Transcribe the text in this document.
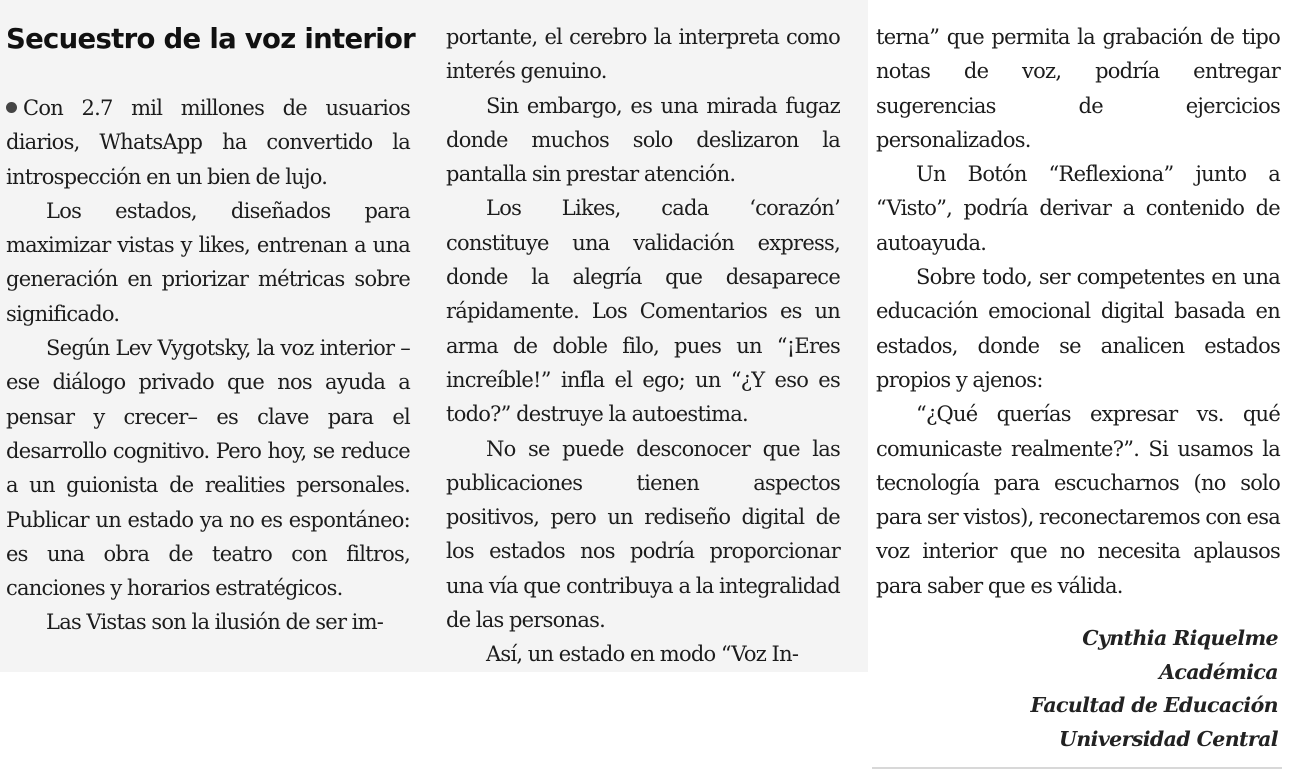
Secuestro de la voz interior

Con 2.7 mil millones de usuarios diarios, WhatsApp ha convertido la introspección en un bien de lujo.

Los estados, diseñados para maximizar vistas y likes, entrenan a una generación en priorizar métricas sobre significado.

Según Lev Vygotsky, la voz interior –ese diálogo privado que nos ayuda a pensar y crecer– es clave para el desarrollo cognitivo. Pero hoy, se reduce a un guionista de realities personales. Publicar un estado ya no es espontáneo: es una obra de teatro con filtros, canciones y horarios estratégicos.

Las Vistas son la ilusión de ser im-

portante, el cerebro la interpreta como interés genuino.

Sin embargo, es una mirada fugaz donde muchos solo deslizaron la pantalla sin prestar atención.

Los Likes, cada ‘corazón’ constituye una validación express, donde la alegría que desaparece rápidamente. Los Comentarios es un arma de doble filo, pues un “¡Eres increíble!” infla el ego; un “¿Y eso es todo?” destruye la autoestima.

No se puede desconocer que las publicaciones tienen aspectos positivos, pero un rediseño digital de los estados nos podría proporcionar una vía que contribuya a la integralidad de las personas.

Así, un estado en modo “Voz In-

terna” que permita la grabación de tipo notas de voz, podría entregar sugerencias de ejercicios personalizados.

Un Botón “Reflexiona” junto a “Visto”, podría derivar a contenido de autoayuda.

Sobre todo, ser competentes en una educación emocional digital basada en estados, donde se analicen estados propios y ajenos:

“¿Qué querías expresar vs. qué comunicaste realmente?”. Si usamos la tecnología para escucharnos (no solo para ser vistos), reconectaremos con esa voz interior que no necesita aplausos para saber que es válida.

Cynthia Riquelme
Académica
Facultad de Educación
Universidad Central
